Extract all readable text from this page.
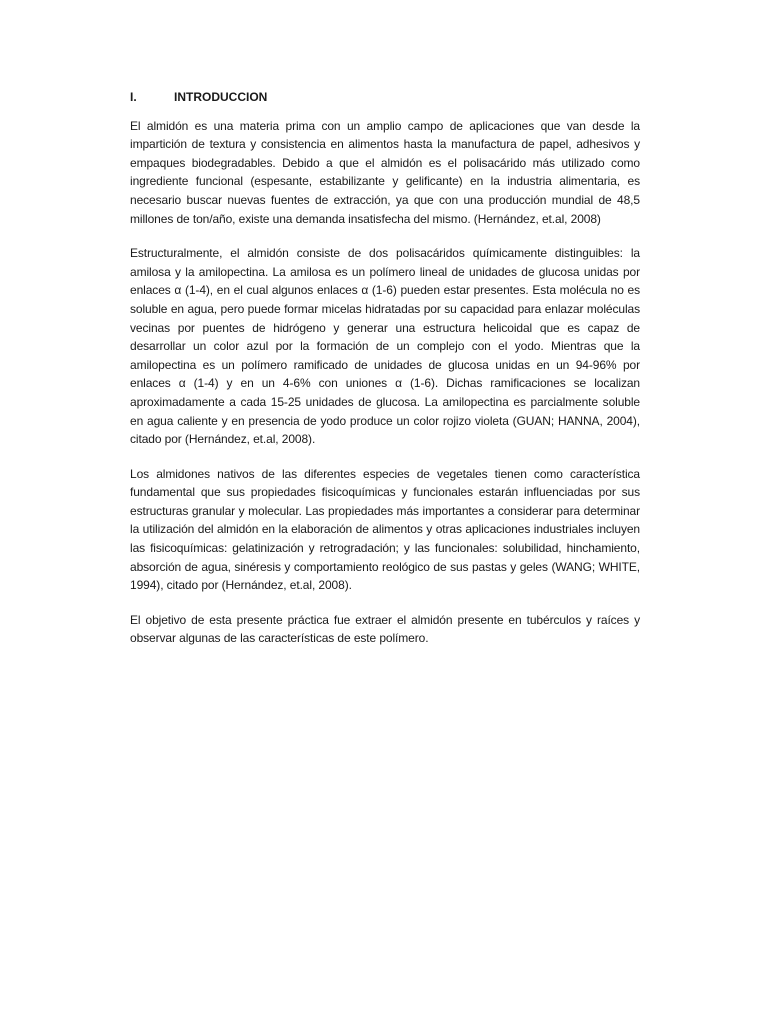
I.	INTRODUCCION

El almidón es una materia prima con un amplio campo de aplicaciones que van desde la impartición de textura y consistencia en alimentos hasta la manufactura de papel, adhesivos y empaques biodegradables. Debido a que el almidón es el polisacárido más utilizado como ingrediente funcional (espesante, estabilizante y gelificante) en la industria alimentaria, es necesario buscar nuevas fuentes de extracción, ya que con una producción mundial de 48,5 millones de ton/año, existe una demanda insatisfecha del mismo. (Hernández, et.al, 2008)

Estructuralmente, el almidón consiste de dos polisacáridos químicamente distinguibles: la amilosa y la amilopectina. La amilosa es un polímero lineal de unidades de glucosa unidas por enlaces α (1-4), en el cual algunos enlaces α (1-6) pueden estar presentes. Esta molécula no es soluble en agua, pero puede formar micelas hidratadas por su capacidad para enlazar moléculas vecinas por puentes de hidrógeno y generar una estructura helicoidal que es capaz de desarrollar un color azul por la formación de un complejo con el yodo. Mientras que la amilopectina es un polímero ramificado de unidades de glucosa unidas en un 94-96% por enlaces α (1-4) y en un 4-6% con uniones α (1-6). Dichas ramificaciones se localizan aproximadamente a cada 15-25 unidades de glucosa. La amilopectina es parcialmente soluble en agua caliente y en presencia de yodo produce un color rojizo violeta (GUAN; HANNA, 2004), citado por (Hernández, et.al, 2008).

Los almidones nativos de las diferentes especies de vegetales tienen como característica fundamental que sus propiedades fisicoquímicas y funcionales estarán influenciadas por sus estructuras granular y molecular. Las propiedades más importantes a considerar para determinar la utilización del almidón en la elaboración de alimentos y otras aplicaciones industriales incluyen las fisicoquímicas: gelatinización y retrogradación; y las funcionales: solubilidad, hinchamiento, absorción de agua, sinéresis y comportamiento reológico de sus pastas y geles (WANG; WHITE, 1994), citado por (Hernández, et.al, 2008).

El objetivo de esta presente práctica fue extraer el almidón presente en tubérculos y raíces y observar algunas de las características de este polímero.
